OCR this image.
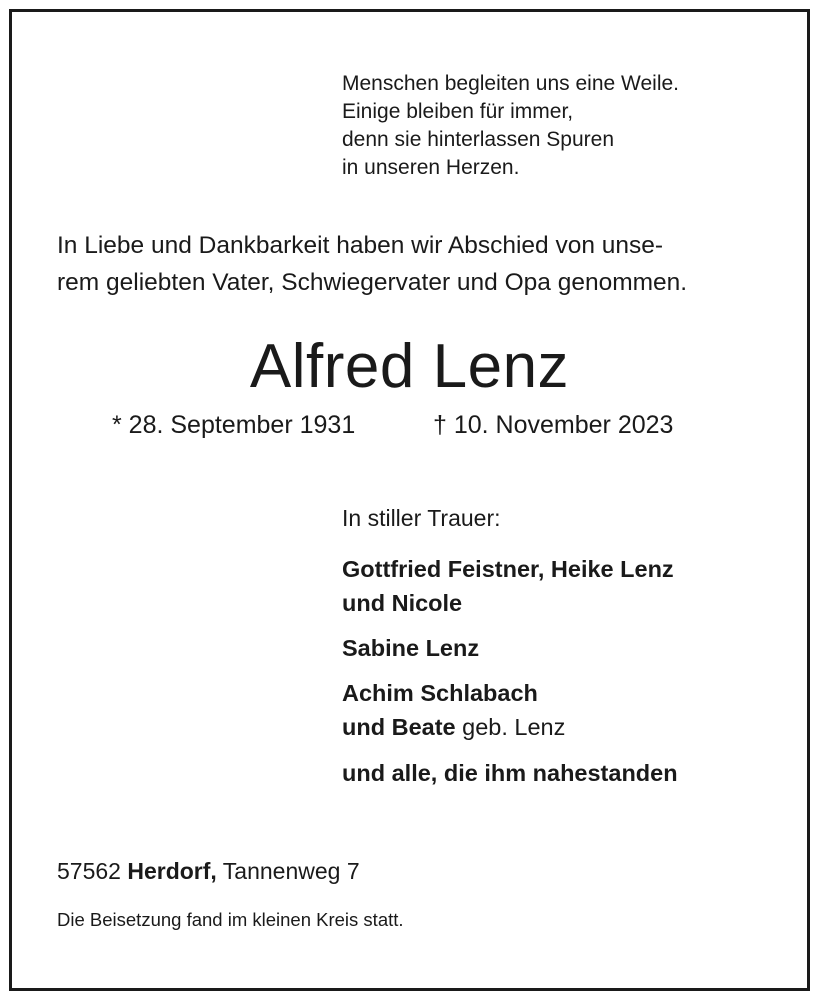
Menschen begleiten uns eine Weile.
Einige bleiben für immer,
denn sie hinterlassen Spuren
in unseren Herzen.
In Liebe und Dankbarkeit haben wir Abschied von unse-
rem geliebten Vater, Schwiegervater und Opa genommen.
Alfred Lenz
* 28. September 1931	† 10. November 2023
In stiller Trauer:
Gottfried Feistner, Heike Lenz
und Nicole
Sabine Lenz
Achim Schlabach
und Beate geb. Lenz
und alle, die ihm nahestanden
57562 Herdorf, Tannenweg 7
Die Beisetzung fand im kleinen Kreis statt.
